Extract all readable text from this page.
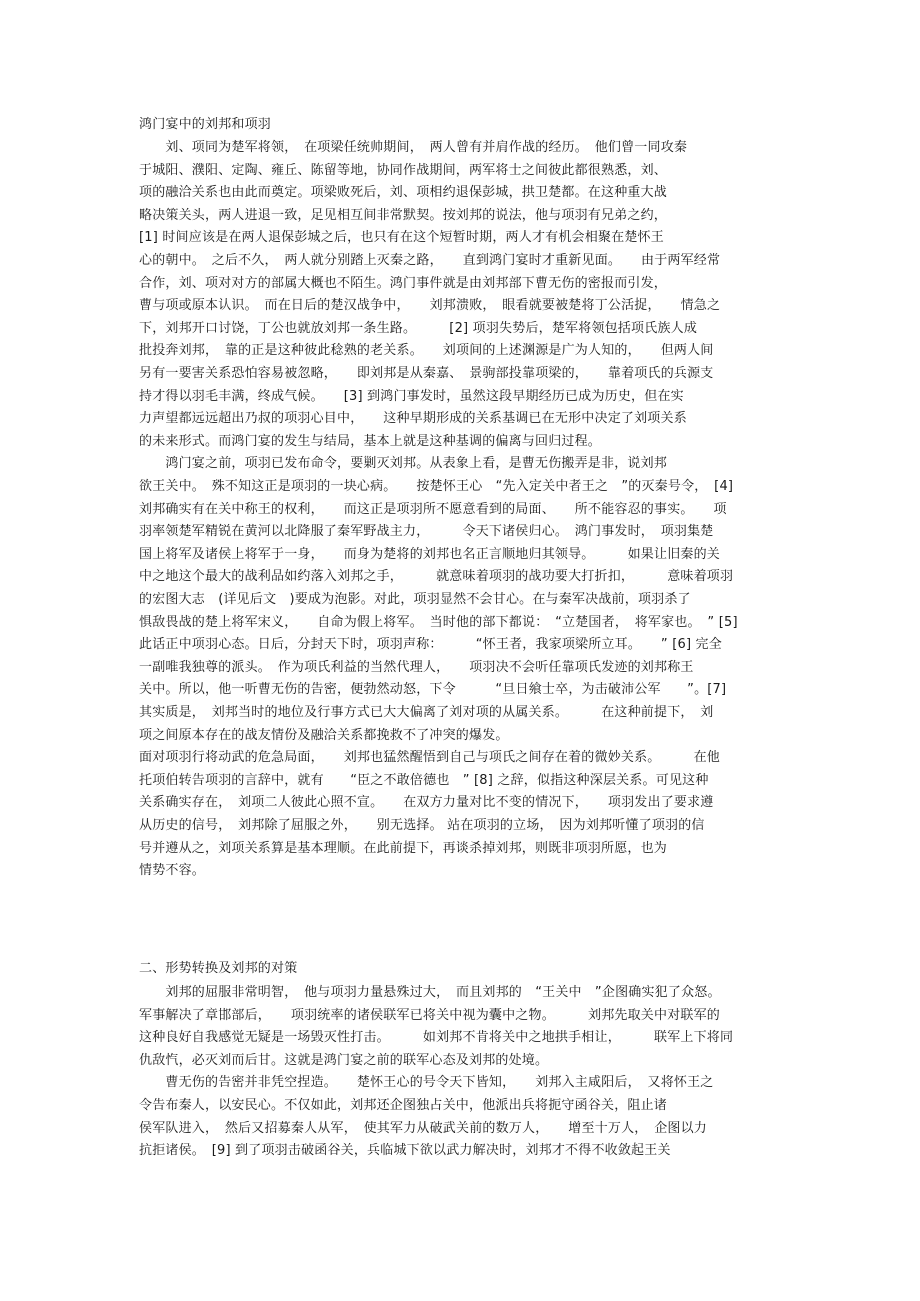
鸿门宴中的刘邦和项羽

　　刘、项同为楚军将领，　在项梁任统帅期间，　两人曾有并肩作战的经历。　他们曾一同攻秦

于城阳、濮阳、定陶、雍丘、陈留等地，协同作战期间，两军将士之间彼此都很熟悉，刘、

项的融洽关系也由此而奠定。项梁败死后，刘、项相约退保彭城，拱卫楚都。在这种重大战

略决策关头，两人进退一致，足见相互间非常默契。按刘邦的说法，他与项羽有兄弟之约，

[1] 时间应该是在两人退保彭城之后，也只有在这个短暂时期，两人才有机会相聚在楚怀王

心的朝中。　之后不久，　两人就分别踏上灭秦之路，　　直到鸿门宴时才重新见面。　　由于两军经常

合作，刘、项对对方的部属大概也不陌生。鸿门事件就是由刘邦部下曹无伤的密报而引发，

曹与项或原本认识。　而在日后的楚汉战争中，　　刘邦溃败，　眼看就要被楚将丁公活捉，　　情急之

下，刘邦开口讨饶，丁公也就放刘邦一条生路。　　　[2] 项羽失势后，楚军将领包括项氏族人成

批投奔刘邦，　靠的正是这种彼此稔熟的老关系。　　刘项间的上述渊源是广为人知的，　　但两人间

另有一要害关系恐怕容易被忽略，　　即刘邦是从秦嘉、　景驹部投靠项梁的，　　靠着项氏的兵源支

持才得以羽毛丰满，终成气候。　　[3] 到鸿门事发时，虽然这段早期经历已成为历史，但在实

力声望都远远超出乃叔的项羽心目中，　　这种早期形成的关系基调已在无形中决定了刘项关系

的未来形式。而鸿门宴的发生与结局，基本上就是这种基调的偏离与回归过程。

　　鸿门宴之前，项羽已发布命令，要剿灭刘邦。从表象上看，是曹无伤搬弄是非，说刘邦

欲王关中。　殊不知这正是项羽的一块心病。　　按楚怀王心　“先入定关中者王之　”的灭秦号令，　[4]

刘邦确实有在关中称王的权利，　　而这正是项羽所不愿意看到的局面、　　所不能容忍的事实。　　项

羽率领楚军精锐在黄河以北降服了秦军野战主力，　　　令天下诸侯归心。　鸿门事发时，　项羽集楚

国上将军及诸侯上将军于一身，　　而身为楚将的刘邦也名正言顺地归其领导。　　　如果让旧秦的关

中之地这个最大的战利品如约落入刘邦之手，　　　就意味着项羽的战功要大打折扣，　　　意味着项羽

的宏图大志　(详见后文　)要成为泡影。对此，项羽显然不会甘心。在与秦军决战前，项羽杀了

惧敌畏战的楚上将军宋义，　　自命为假上将军。　当时他的部下都说：　“立楚国者，　将军家也。　” [5]

此话正中项羽心态。日后，分封天下时，项羽声称：　　　“怀王者，我家项梁所立耳。　　” [6] 完全

一副唯我独尊的派头。　作为项氏利益的当然代理人，　　项羽决不会听任靠项氏发迹的刘邦称王

关中。所以，他一听曹无伤的告密，便勃然动怒，下令　　　“旦日飨士卒，为击破沛公军　　”。[7]

其实质是，　刘邦当时的地位及行事方式已大大偏离了刘对项的从属关系。　　　在这种前提下，　刘

项之间原本存在的战友情份及融洽关系都挽救不了冲突的爆发。

面对项羽行将动武的危急局面，　　刘邦也猛然醒悟到自己与项氏之间存在着的微妙关系。　　　在他

托项伯转告项羽的言辞中，就有　　“臣之不敢倍德也　” [8] 之辞，似指这种深层关系。可见这种

关系确实存在，　刘项二人彼此心照不宣。　　在双方力量对比不变的情况下，　　项羽发出了要求遵

从历史的信号，　刘邦除了屈服之外，　　别无选择。 站在项羽的立场，　因为刘邦听懂了项羽的信

号并遵从之，刘项关系算是基本理顺。在此前提下，再谈杀掉刘邦，则既非项羽所愿，也为

情势不容。

二、形势转换及刘邦的对策

　　刘邦的屈服非常明智，　他与项羽力量悬殊过大，　而且刘邦的　“王关中　”企图确实犯了众怒。

军事解决了章邯部后，　　项羽统率的诸侯联军已将关中视为囊中之物。　　　刘邦先取关中对联军的

这种良好自我感觉无疑是一场毁灭性打击。　　　如刘邦不肯将关中之地拱手相让，　　　联军上下将同

仇敌忾，必灭刘而后甘。这就是鸿门宴之前的联军心态及刘邦的处境。

　　曹无伤的告密并非凭空捏造。　　楚怀王心的号令天下皆知，　　刘邦入主咸阳后，　又将怀王之

令告布秦人，以安民心。不仅如此，刘邦还企图独占关中，他派出兵将扼守函谷关，阻止诸

侯军队进入，　然后又招募秦人从军，　使其军力从破武关前的数万人，　　增至十万人，　企图以力

抗拒诸侯。　[9] 到了项羽击破函谷关，兵临城下欲以武力解决时，刘邦才不得不收敛起王关
